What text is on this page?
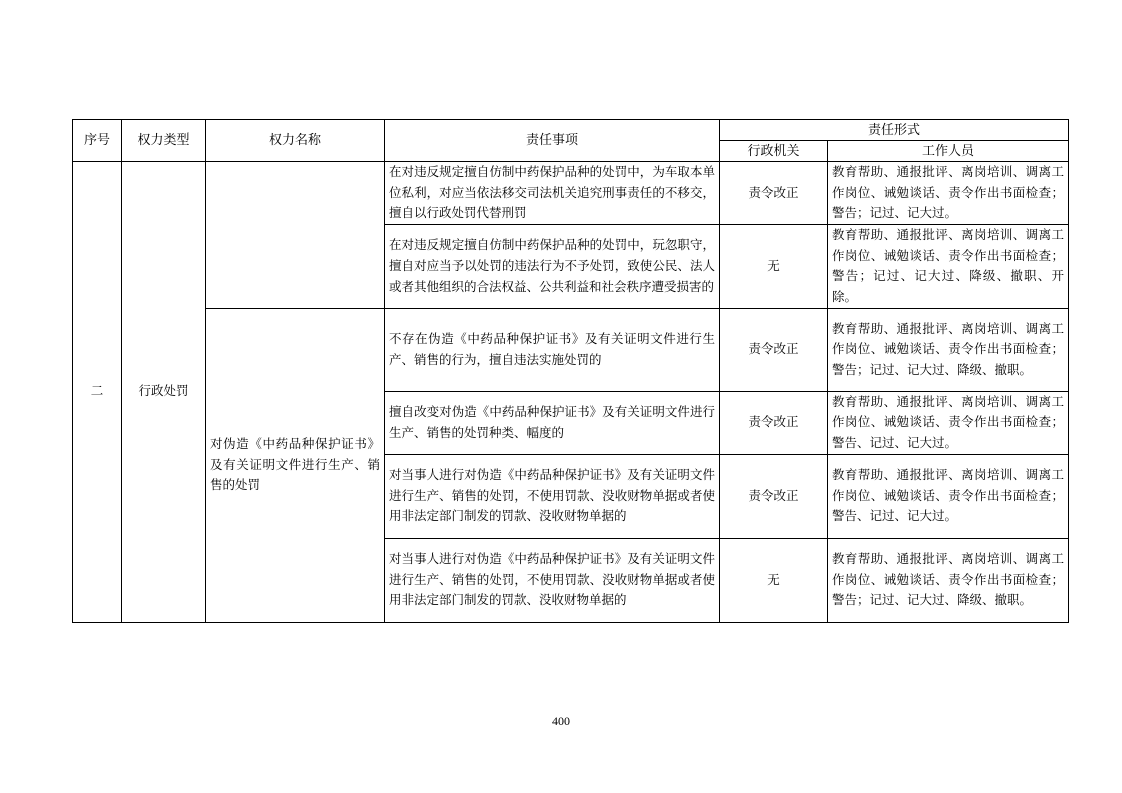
序号	权力类型	权力名称	责任事项	责任形式	
				行政机关	工作人员
二	行政处罚		在对违反规定擅自仿制中药保护品种的处罚中，为车取本单位私利，对应当依法移交司法机关追究刑事责任的不移交，擅自以行政处罚代替刑罚	责令改正	教育帮助、通报批评、离岗培训、调离工作岗位、诫勉谈话、责令作出书面检查；警告；记过、记大过。
			在对违反规定擅自仿制中药保护品种的处罚中，玩忽职守，擅自对应当予以处罚的违法行为不予处罚，致使公民、法人或者其他组织的合法权益、公共利益和社会秩序遭受损害的	无	教育帮助、通报批评、离岗培训、调离工作岗位、诫勉谈话、责令作出书面检查；警告；记过、记大过、降级、撤职、开除。
		对伪造《中药品种保护证书》及有关证明文件进行生产、销售的处罚	不存在伪造《中药品种保护证书》及有关证明文件进行生产、销售的行为，擅自违法实施处罚的	责令改正	教育帮助、通报批评、离岗培训、调离工作岗位、诫勉谈话、责令作出书面检查；警告；记过、记大过、降级、撤职。
			擅自改变对伪造《中药品种保护证书》及有关证明文件进行生产、销售的处罚种类、幅度的	责令改正	教育帮助、通报批评、离岗培训、调离工作岗位、诫勉谈话、责令作出书面检查；警告、记过、记大过。
			对当事人进行对伪造《中药品种保护证书》及有关证明文件进行生产、销售的处罚，不使用罚款、没收财物单据或者使用非法定部门制发的罚款、没收财物单据的	责令改正	教育帮助、通报批评、离岗培训、调离工作岗位、诫勉谈话、责令作出书面检查；警告、记过、记大过。
			对当事人进行对伪造《中药品种保护证书》及有关证明文件进行生产、销售的处罚，不使用罚款、没收财物单据或者使用非法定部门制发的罚款、没收财物单据的	无	教育帮助、通报批评、离岗培训、调离工作岗位、诫勉谈话、责令作出书面检查；警告；记过、记大过、降级、撤职。
400
